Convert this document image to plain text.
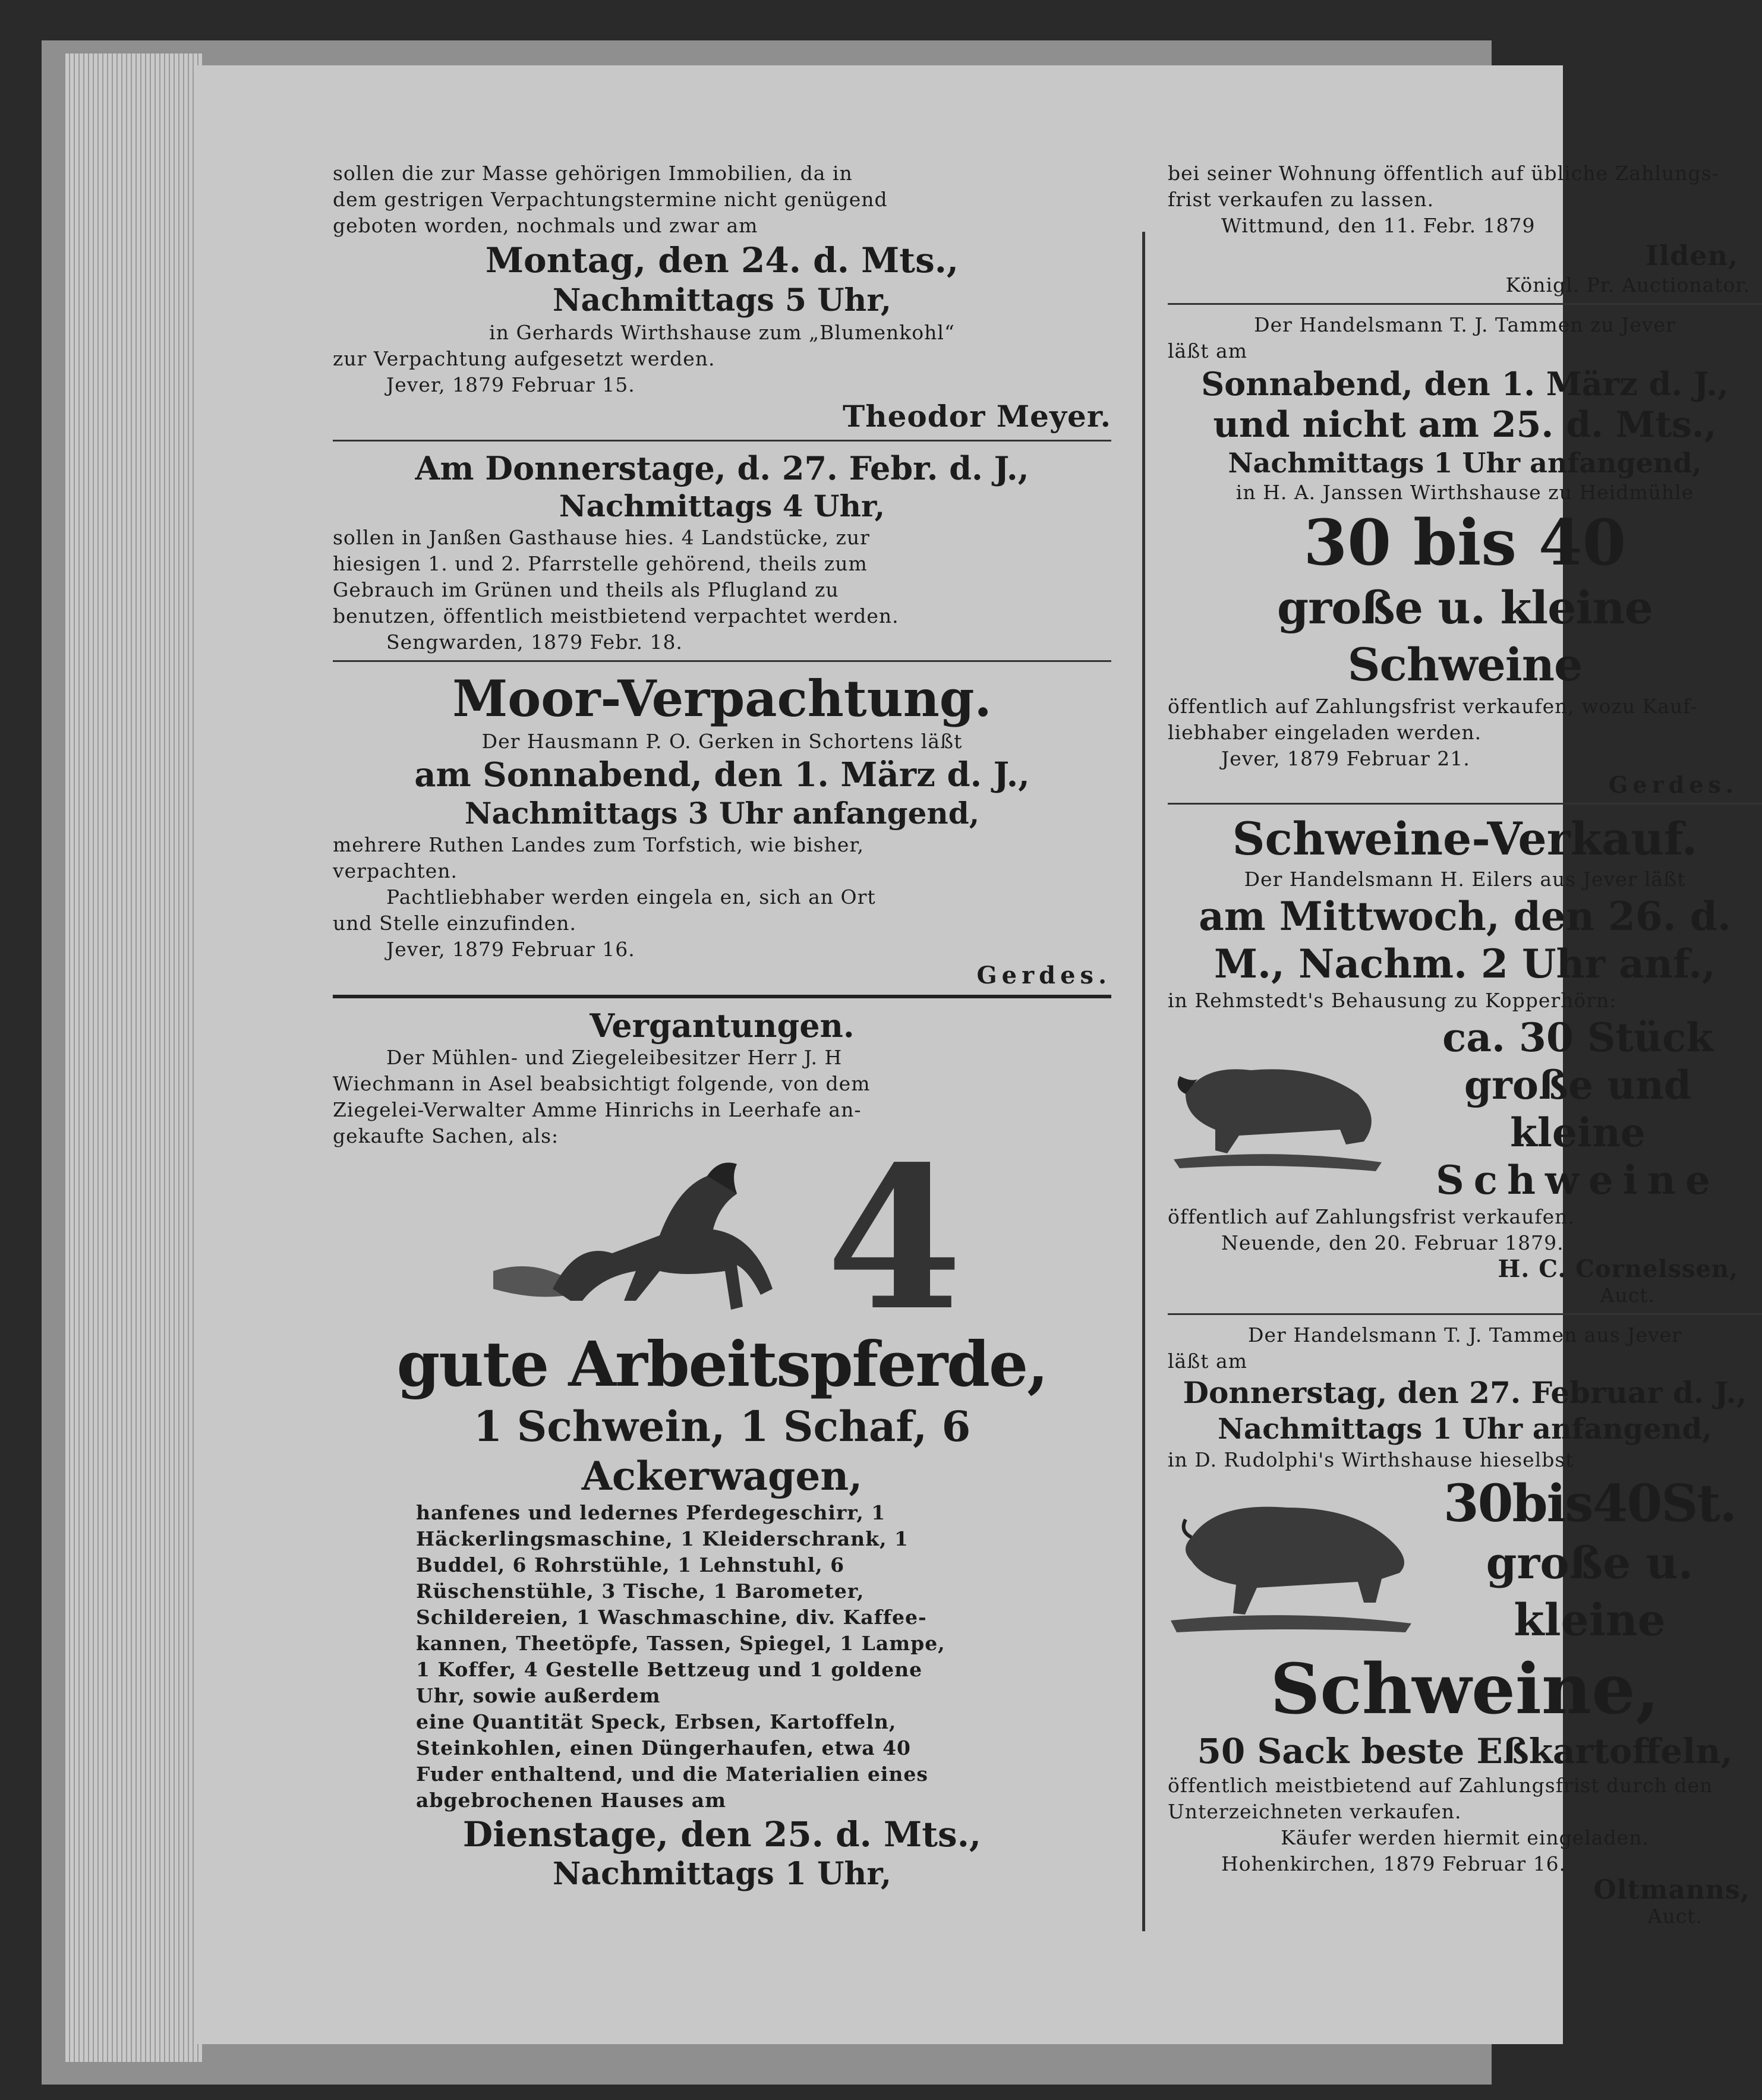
sollen die zur Masse gehörigen Immobilien, da in

dem gestrigen Verpachtungstermine nicht genügend

geboten worden, nochmals und zwar am

Montag, den 24. d. Mts.,

Nachmittags 5 Uhr,

in Gerhards Wirthshause zum „Blumenkohl“

zur Verpachtung aufgesetzt werden.

Jever, 1879 Februar 15.

Theodor Meyer.

Am Donnerstage, d. 27. Febr. d. J.,

Nachmittags 4 Uhr,

sollen in Janßen Gasthause hies. 4 Landstücke, zur

hiesigen 1. und 2. Pfarrstelle gehörend, theils zum

Gebrauch im Grünen und theils als Pflugland zu

benutzen, öffentlich meistbietend verpachtet werden.

Sengwarden, 1879 Febr. 18.

Moor-Verpachtung.

Der Hausmann P. O. Gerken in Schortens läßt

am Sonnabend, den 1. März d. J.,

Nachmittags 3 Uhr anfangend,

mehrere Ruthen Landes zum Torfstich, wie bisher,

verpachten.

Pachtliebhaber werden eingela en, sich an Ort

und Stelle einzufinden.

Jever, 1879 Februar 16.

Gerdes.

Vergantungen.

Der Mühlen- und Ziegeleibesitzer Herr J. H

Wiechmann in Asel beabsichtigt folgende, von dem

Ziegelei-Verwalter Amme Hinrichs in Leerhafe an-

gekaufte Sachen, als:	4

gute Arbeitspferde,

1 Schwein, 1 Schaf, 6

Ackerwagen,

hanfenes und ledernes Pferdegeschirr, 1

Häckerlingsmaschine, 1 Kleiderschrank, 1

Buddel, 6 Rohrstühle, 1 Lehnstuhl, 6

Rüschenstühle, 3 Tische, 1 Barometer,

Schildereien, 1 Waschmaschine, div. Kaffee-

kannen, Theetöpfe, Tassen, Spiegel, 1 Lampe,

1 Koffer, 4 Gestelle Bettzeug und 1 goldene

Uhr, sowie außerdem

eine Quantität Speck, Erbsen, Kartoffeln,

Steinkohlen, einen Düngerhaufen, etwa 40

Fuder enthaltend, und die Materialien eines

abgebrochenen Hauses am

Dienstage, den 25. d. Mts.,

Nachmittags 1 Uhr,

bei seiner Wohnung öffentlich auf übliche Zahlungs-

frist verkaufen zu lassen.

Wittmund, den 11. Febr. 1879

Ilden,

Königl. Pr. Auctionator.

Der Handelsmann T. J. Tammen zu Jever

läßt am

Sonnabend, den 1. März d. J.,

und nicht am 25. d. Mts.,

Nachmittags 1 Uhr anfangend,

in H. A. Janssen Wirthshause zu Heidmühle

30 bis 40

große u. kleine Schweine

öffentlich auf Zahlungsfrist verkaufen, wozu Kauf-

liebhaber eingeladen werden.

Jever, 1879 Februar 21.

Gerdes.

Schweine-Verkauf.

Der Handelsmann H. Eilers aus Jever läßt

am Mittwoch, den 26. d.

M., Nachm. 2 Uhr anf.,

in Rehmstedt's Behausung zu Kopperhörn:

ca. 30 Stück

große und kleine

Schweine

öffentlich auf Zahlungsfrist verkaufen.

Neuende, den 20. Februar 1879.

H. C. Cornelssen,

Auct.

Der Handelsmann T. J. Tammen aus Jever

läßt am

Donnerstag, den 27. Februar d. J.,

Nachmittags 1 Uhr anfangend,

in D. Rudolphi's Wirthshause hieselbst

30bis40St.

große u. kleine

Schweine,

50 Sack beste Eßkartoffeln,

öffentlich meistbietend auf Zahlungsfrist durch den

Unterzeichneten verkaufen.

Käufer werden hiermit eingeladen.

Hohenkirchen, 1879 Februar 16.

Oltmanns,

Auct.
